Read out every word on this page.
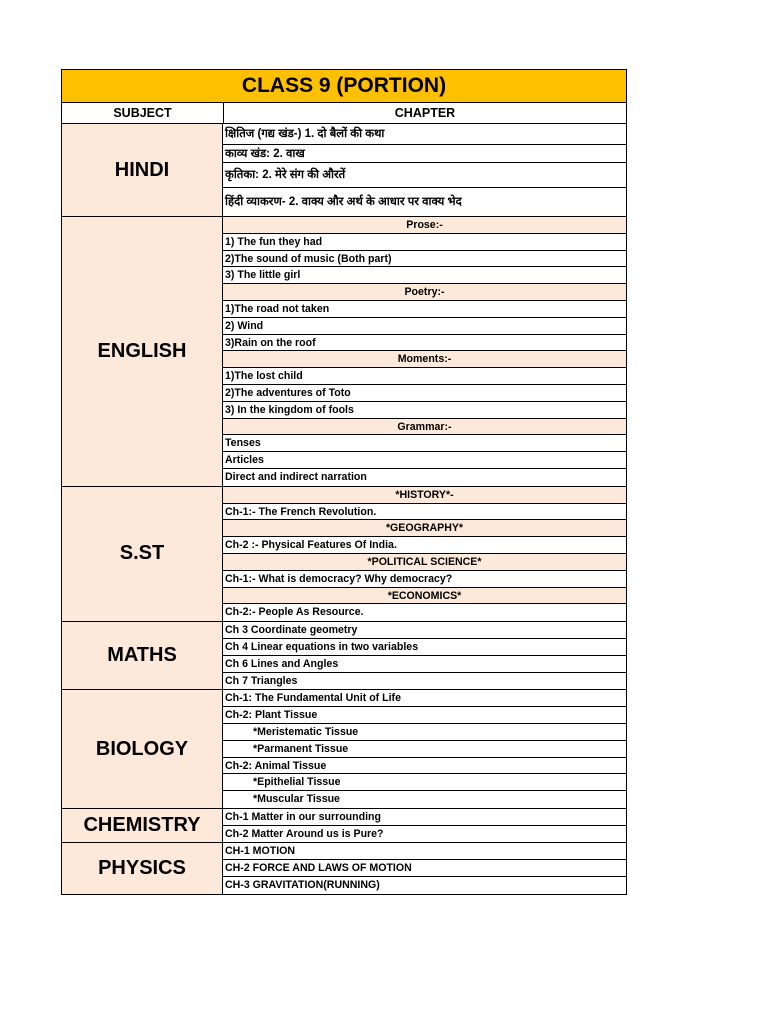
CLASS 9 (PORTION)
SUBJECT	CHAPTER
HINDI
क्षितिज (गद्य खंड-) 1. दो बैलों की कथा
काव्य खंड: 2. वाख
कृतिका: 2. मेरे संग की औरतें
हिंदी व्याकरण- 2. वाक्य और अर्थ के आधार पर वाक्य भेद
ENGLISH
Prose:-
1) The fun they had
2)The sound of music (Both part)
3) The little girl
Poetry:-
1)The road not taken
2) Wind
3)Rain on the roof
Moments:-
1)The lost child
2)The adventures of Toto
3) In the kingdom of fools
Grammar:-
Tenses
Articles
Direct and indirect narration
S.ST
*HISTORY*-
Ch-1:- The French Revolution.
*GEOGRAPHY*
Ch-2 :- Physical Features Of India.
*POLITICAL SCIENCE*
Ch-1:- What is democracy? Why democracy?
*ECONOMICS*
Ch-2:- People As Resource.
MATHS
Ch 3 Coordinate geometry
Ch 4 Linear equations in two variables
Ch 6 Lines and Angles
Ch 7 Triangles
BIOLOGY
Ch-1: The Fundamental Unit of Life
Ch-2: Plant Tissue
*Meristematic Tissue
*Parmanent Tissue
Ch-2: Animal Tissue
*Epithelial Tissue
*Muscular Tissue
CHEMISTRY	Ch-1 Matter in our surrounding
Ch-2 Matter Around us is Pure?
PHYSICS
CH-1 MOTION
CH-2 FORCE AND LAWS OF MOTION
CH-3 GRAVITATION(RUNNING)
